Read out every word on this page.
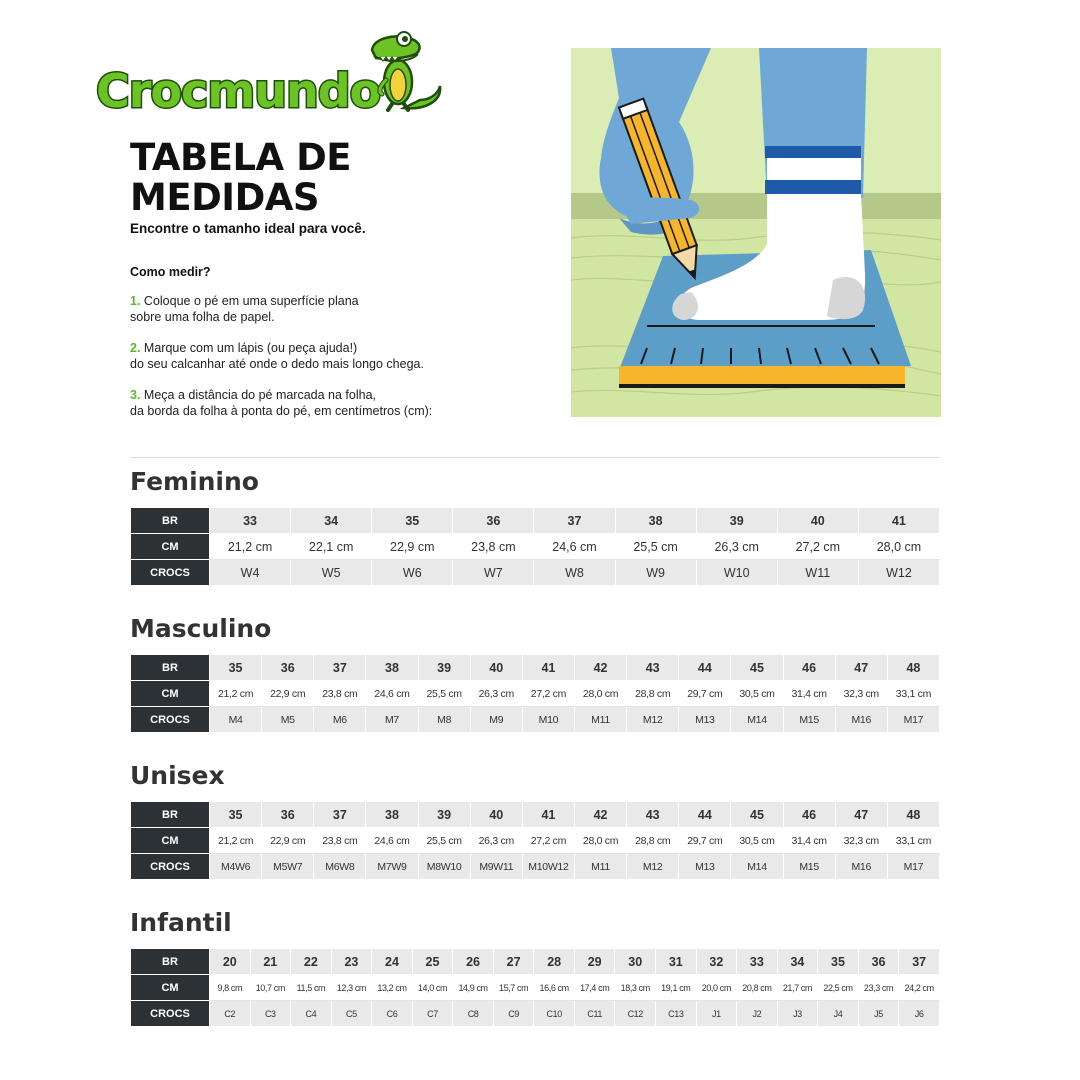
Crocmundo
TABELA DE
MEDIDAS
Encontre o tamanho ideal para você.
Como medir?
1. Coloque o pé em uma superfície plana
sobre uma folha de papel.
2. Marque com um lápis (ou peça ajuda!)
do seu calcanhar até onde o dedo mais longo chega.
3. Meça a distância do pé marcada na folha,
da borda da folha à ponta do pé, em centímetros (cm):
Feminino
BR	33	34	35	36	37	38	39	40	41
CM	21,2 cm	22,1 cm	22,9 cm	23,8 cm	24,6 cm	25,5 cm	26,3 cm	27,2 cm	28,0 cm
CROCS	W4	W5	W6	W7	W8	W9	W10	W11	W12
Masculino
BR	35	36	37	38	39	40	41	42	43	44	45	46	47	48
CM	21,2 cm	22,9 cm	23,8 cm	24,6 cm	25,5 cm	26,3 cm	27,2 cm	28,0 cm	28,8 cm	29,7 cm	30,5 cm	31,4 cm	32,3 cm	33,1 cm
CROCS	M4	M5	M6	M7	M8	M9	M10	M11	M12	M13	M14	M15	M16	M17
Unisex
BR	35	36	37	38	39	40	41	42	43	44	45	46	47	48
CM	21,2 cm	22,9 cm	23,8 cm	24,6 cm	25,5 cm	26,3 cm	27,2 cm	28,0 cm	28,8 cm	29,7 cm	30,5 cm	31,4 cm	32,3 cm	33,1 cm
CROCS	M4W6	M5W7	M6W8	M7W9	M8W10	M9W11	M10W12	M11	M12	M13	M14	M15	M16	M17
Infantil
BR	20	21	22	23	24	25	26	27	28	29	30	31	32	33	34	35	36	37
CM	9,8 cm	10,7 cm	11,5 cm	12,3 cm	13,2 cm	14,0 cm	14,9 cm	15,7 cm	16,6 cm	17,4 cm	18,3 cm	19,1 cm	20,0 cm	20,8 cm	21,7 cm	22,5 cm	23,3 cm	24,2 cm
CROCS	C2	C3	C4	C5	C6	C7	C8	C9	C10	C11	C12	C13	J1	J2	J3	J4	J5	J6
